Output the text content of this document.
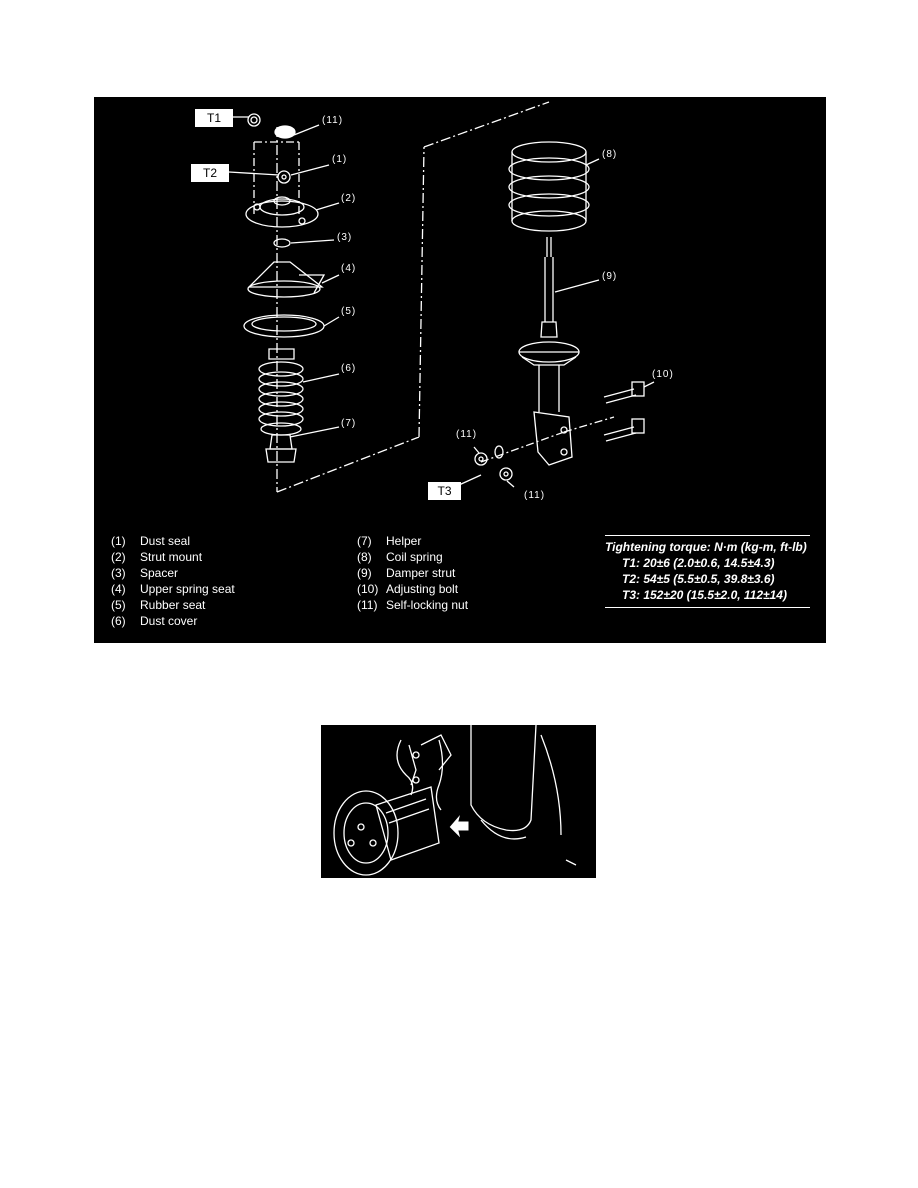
T1
T2
T3
(11)
(1)
(2)
(3)
(4)
(5)
(6)
(7)
(8)
(9)
(10)
(11)
(11)
(1)	Dust seal
(2)	Strut mount
(3)	Spacer
(4)	Upper spring seat
(5)	Rubber seat
(6)	Dust cover
(7)	Helper
(8)	Coil spring
(9)	Damper strut
(10) Adjusting bolt
(11) Self-locking nut
Tightening torque: N·m (kg-m, ft-lb)
T1: 20±6 (2.0±0.6, 14.5±4.3)
T2: 54±5 (5.5±0.5, 39.8±3.6)
T3: 152±20 (15.5±2.0, 112±14)
